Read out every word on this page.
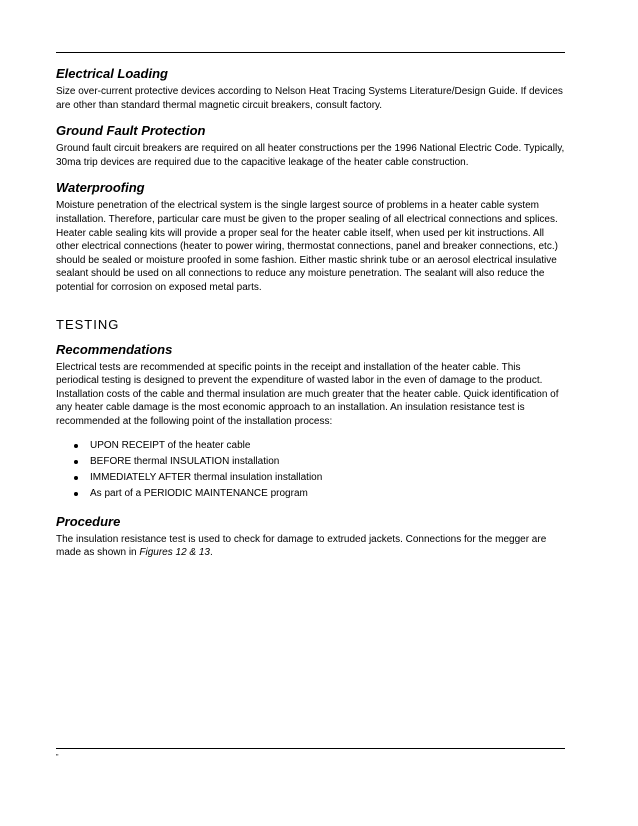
Electrical Loading

Size over-current protective devices according to Nelson Heat Tracing Systems Literature/Design Guide. If devices are other than standard thermal magnetic circuit breakers, consult factory.

Ground Fault Protection

Ground fault circuit breakers are required on all heater constructions per the 1996 National Electric Code. Typically, 30ma trip devices are required due to the capacitive leakage of the heater cable construction.

Waterproofing

Moisture penetration of the electrical system is the single largest source of problems in a heater cable system installation. Therefore, particular care must be given to the proper sealing of all electrical connections and splices. Heater cable sealing kits will provide a proper seal for the heater cable itself, when used per kit instructions. All other electrical connections (heater to power wiring, thermostat connections, panel and breaker connections, etc.) should be sealed or moisture proofed in some fashion. Either mastic shrink tube or an aerosol electrical insulative sealant should be used on all connections to reduce any moisture penetration. The sealant will also reduce the potential for corrosion on exposed metal parts.

TESTING
Recommendations

Electrical tests are recommended at specific points in the receipt and installation of the heater cable. This periodical testing is designed to prevent the expenditure of wasted labor in the even of damage to the product. Installation costs of the cable and thermal insulation are much greater that the heater cable. Quick identification of any heater cable damage is the most economic approach to an installation. An insulation resistance test is recommended at the following point of the installation process:

UPON RECEIPT of the heater cable
BEFORE thermal INSULATION installation
IMMEDIATELY AFTER thermal insulation installation
As part of a PERIODIC MAINTENANCE program
Procedure

The insulation resistance test is used to check for damage to extruded jackets. Connections for the megger are made as shown in Figures 12 & 13.

"
